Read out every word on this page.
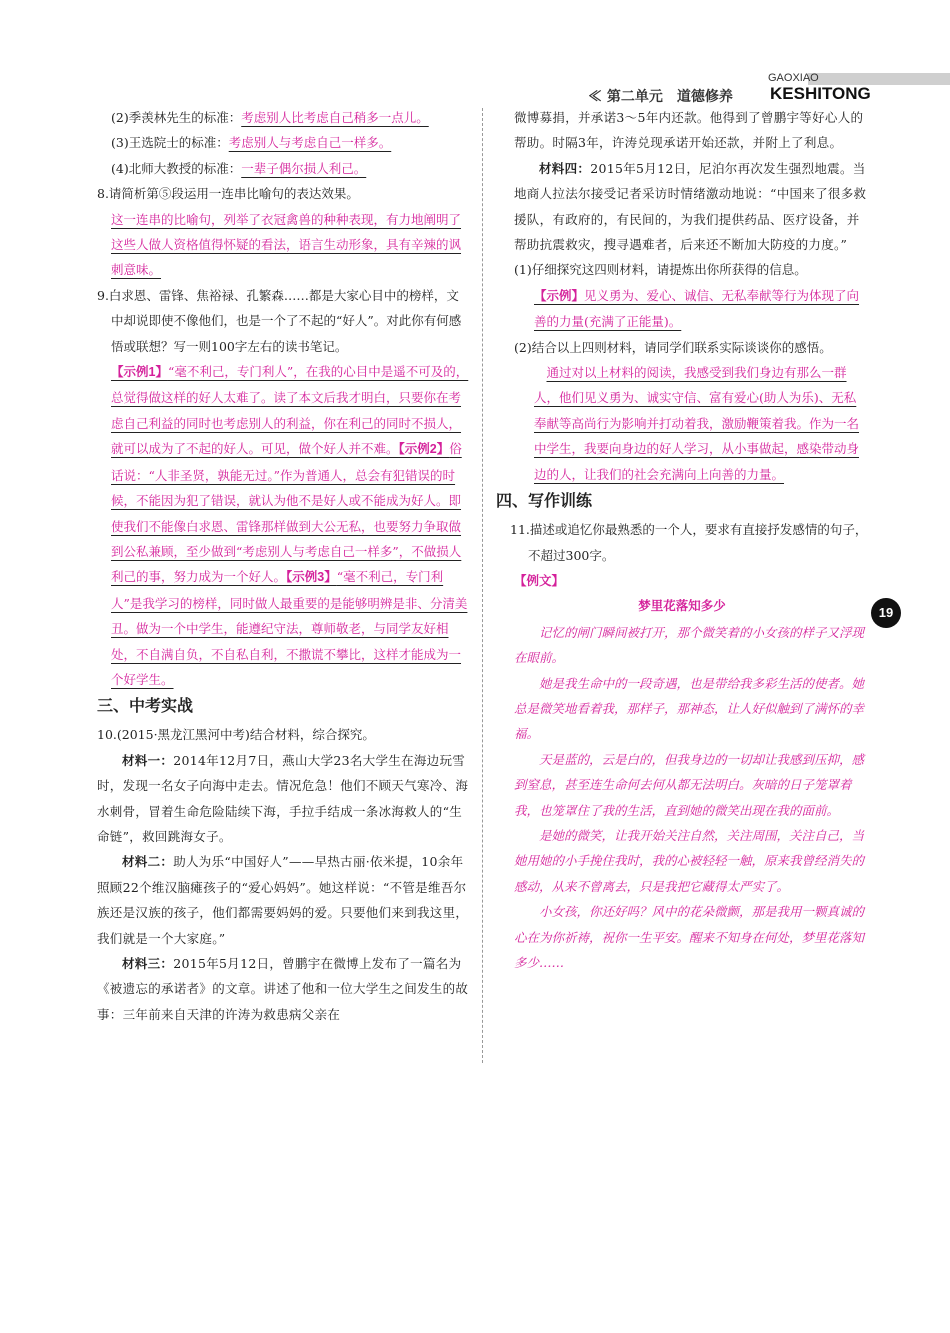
GAOXIAO
≪ 第二单元　道德修养 KESHITONG

(2)季羡林先生的标准：考虑别人比考虑自己稍多一点儿。

(3)王选院士的标准：考虑别人与考虑自己一样多。

(4)北师大教授的标准：一辈子偶尔损人利己。

8.请简析第⑤段运用一连串比喻句的表达效果。

这一连串的比喻句，列举了衣冠禽兽的种种表现，有力地阐明了这些人做人资格值得怀疑的看法，语言生动形象，具有辛辣的讽刺意味。

9.白求恩、雷锋、焦裕禄、孔繁森……都是大家心目中的榜样，文中却说即使不像他们，也是一个了不起的“好人”。对此你有何感悟或联想？写一则100字左右的读书笔记。

【示例1】“毫不利己，专门利人”，在我的心目中是遥不可及的，总觉得做这样的好人太难了。读了本文后我才明白，只要你在考虑自己利益的同时也考虑别人的利益，你在利己的同时不损人，就可以成为了不起的好人。可见，做个好人并不难。【示例2】俗话说：“人非圣贤，孰能无过。”作为普通人，总会有犯错误的时候，不能因为犯了错误，就认为他不是好人或不能成为好人。即使我们不能像白求恩、雷锋那样做到大公无私，也要努力争取做到公私兼顾，至少做到“考虑别人与考虑自己一样多”，不做损人利己的事，努力成为一个好人。【示例3】“毫不利己，专门利人”是我学习的榜样，同时做人最重要的是能够明辨是非、分清美丑。做为一个中学生，能遵纪守法，尊师敬老，与同学友好相处，不自满自负，不自私自利，不撒谎不攀比，这样才能成为一个好学生。

三、中考实战

10.(2015·黑龙江黑河中考)结合材料，综合探究。

材料一：2014年12月7日，燕山大学23名大学生在海边玩雪时，发现一名女子向海中走去。情况危急！他们不顾天气寒冷、海水刺骨，冒着生命危险陆续下海，手拉手结成一条冰海救人的“生命链”，救回跳海女子。

材料二：助人为乐“中国好人”——早热古丽·依米提，10余年照顾22个维汉脑瘫孩子的“爱心妈妈”。她这样说：“不管是维吾尔族还是汉族的孩子，他们都需要妈妈的爱。只要他们来到我这里，我们就是一个大家庭。”

材料三：2015年5月12日，曾鹏宇在微博上发布了一篇名为《被遗忘的承诺者》的文章。讲述了他和一位大学生之间发生的故事：三年前来自天津的许涛为救患病父亲在

微博募捐，并承诺3～5年内还款。他得到了曾鹏宇等好心人的帮助。时隔3年，许涛兑现承诺开始还款，并附上了利息。

材料四：2015年5月12日，尼泊尔再次发生强烈地震。当地商人拉法尔接受记者采访时情绪激动地说：“中国来了很多救援队，有政府的，有民间的，为我们提供药品、医疗设备，并帮助抗震救灾，搜寻遇难者，后来还不断加大防疫的力度。”

(1)仔细探究这四则材料，请提炼出你所获得的信息。

【示例】见义勇为、爱心、诚信、无私奉献等行为体现了向善的力量(充满了正能量)。

(2)结合以上四则材料，请同学们联系实际谈谈你的感悟。

通过对以上材料的阅读，我感受到我们身边有那么一群人，他们见义勇为、诚实守信、富有爱心(助人为乐)、无私奉献等高尚行为影响并打动着我，激励鞭策着我。作为一名中学生，我要向身边的好人学习，从小事做起，感染带动身边的人，让我们的社会充满向上向善的力量。

四、写作训练

11.描述或追忆你最熟悉的一个人，要求有直接抒发感情的句子，不超过300字。

【例文】

梦里花落知多少

记忆的闸门瞬间被打开，那个微笑着的小女孩的样子又浮现在眼前。

她是我生命中的一段奇遇，也是带给我多彩生活的使者。她总是微笑地看着我，那样子，那神态，让人好似触到了满怀的幸福。

天是蓝的，云是白的，但我身边的一切却让我感到压抑，感到窒息，甚至连生命何去何从都无法明白。灰暗的日子笼罩着我，也笼罩住了我的生活，直到她的微笑出现在我的面前。

是她的微笑，让我开始关注自然，关注周围，关注自己，当她用她的小手挽住我时，我的心被轻轻一触，原来我曾经消失的感动，从来不曾离去，只是我把它藏得太严实了。

小女孩，你还好吗？风中的花朵微颤，那是我用一颗真诚的心在为你祈祷，祝你一生平安。醒来不知身在何处，梦里花落知多少……

19
